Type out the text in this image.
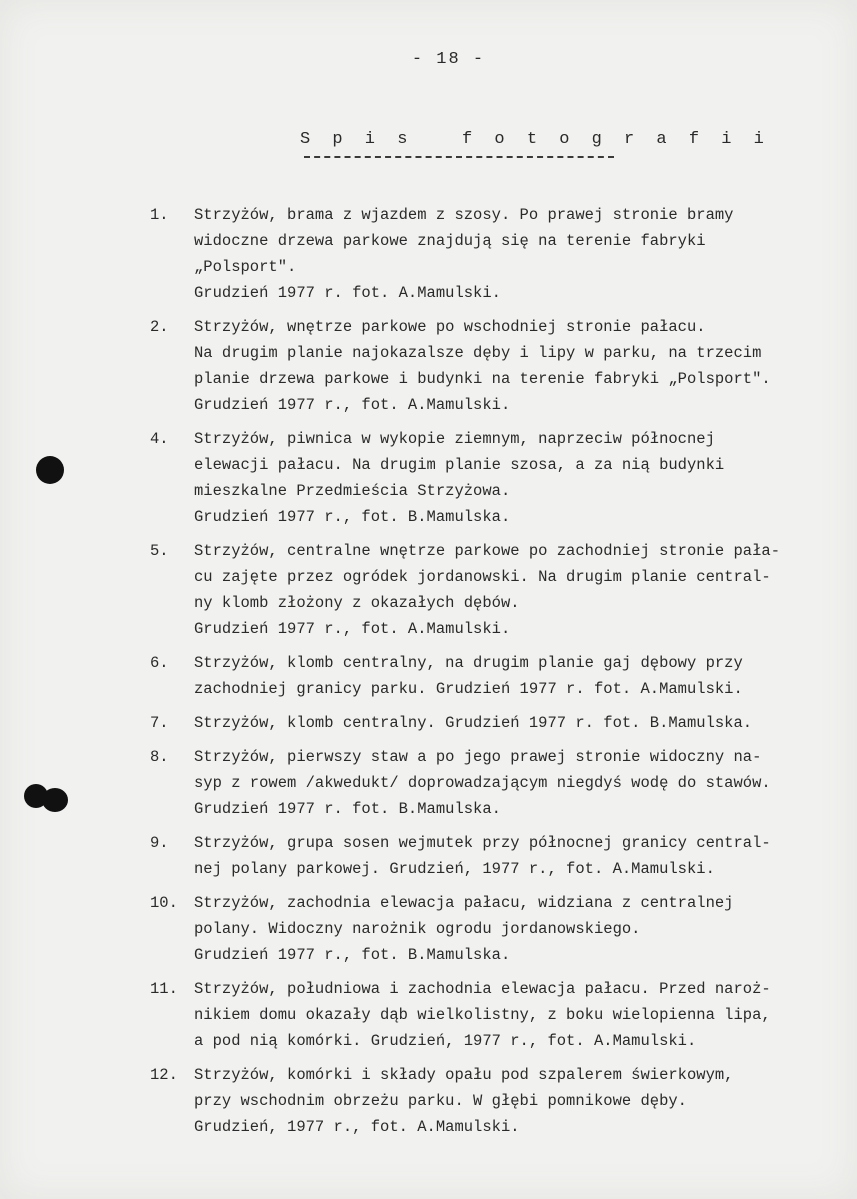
- 18 -
S p i s   f o t o g r a f i i
1.	Strzyżów, brama z wjazdem z szosy. Po prawej stronie bramy
widoczne drzewa parkowe znajdują się na terenie fabryki
„Polsport".
Grudzień 1977 r. fot. A.Mamulski.
2.	Strzyżów, wnętrze parkowe po wschodniej stronie pałacu.
Na drugim planie najokazalsze dęby i lipy w parku, na trzecim
planie drzewa parkowe i budynki na terenie fabryki „Polsport".
Grudzień 1977 r., fot. A.Mamulski.
4.	Strzyżów, piwnica w wykopie ziemnym, naprzeciw północnej
elewacji pałacu. Na drugim planie szosa, a za nią budynki
mieszkalne Przedmieścia Strzyżowa.
Grudzień 1977 r., fot. B.Mamulska.
5.	Strzyżów, centralne wnętrze parkowe po zachodniej stronie pała-
cu zajęte przez ogródek jordanowski. Na drugim planie central-
ny klomb złożony z okazałych dębów.
Grudzień 1977 r., fot. A.Mamulski.
6.	Strzyżów, klomb centralny, na drugim planie gaj dębowy przy
zachodniej granicy parku. Grudzień 1977 r. fot. A.Mamulski.
7.	Strzyżów, klomb centralny. Grudzień 1977 r. fot. B.Mamulska.
8.	Strzyżów, pierwszy staw a po jego prawej stronie widoczny na-
syp z rowem /akwedukt/ doprowadzającym niegdyś wodę do stawów.
Grudzień 1977 r. fot. B.Mamulska.
9.	Strzyżów, grupa sosen wejmutek przy północnej granicy central-
nej polany parkowej. Grudzień, 1977 r., fot. A.Mamulski.
10.	Strzyżów, zachodnia elewacja pałacu, widziana z centralnej
polany. Widoczny narożnik ogrodu jordanowskiego.
Grudzień 1977 r., fot. B.Mamulska.
11.	Strzyżów, południowa i zachodnia elewacja pałacu. Przed naroż-
nikiem domu okazały dąb wielkolistny, z boku wielopienna lipa,
a pod nią komórki. Grudzień, 1977 r., fot. A.Mamulski.
12.	Strzyżów, komórki i składy opału pod szpalerem świerkowym,
przy wschodnim obrzeżu parku. W głębi pomnikowe dęby.
Grudzień, 1977 r., fot. A.Mamulski.
